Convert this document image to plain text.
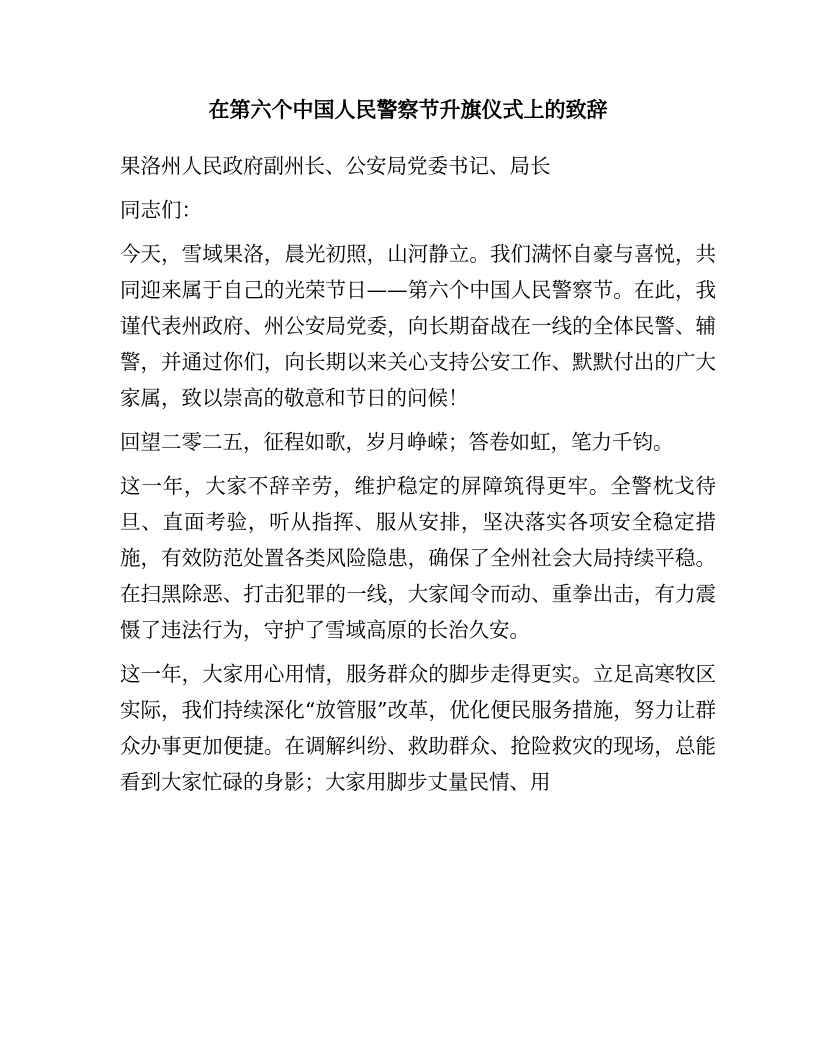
在第六个中国人民警察节升旗仪式上的致辞

果洛州人民政府副州长、公安局党委书记、局长

同志们：

今天，雪域果洛，晨光初照，山河静立。我们满怀自豪与喜悦，共同迎来属于自己的光荣节日——第六个中国人民警察节。在此，我谨代表州政府、州公安局党委，向长期奋战在一线的全体民警、辅警，并通过你们，向长期以来关心支持公安工作、默默付出的广大家属，致以崇高的敬意和节日的问候！

回望二零二五，征程如歌，岁月峥嵘；答卷如虹，笔力千钧。

这一年，大家不辞辛劳，维护稳定的屏障筑得更牢。全警枕戈待旦、直面考验，听从指挥、服从安排，坚决落实各项安全稳定措施，有效防范处置各类风险隐患，确保了全州社会大局持续平稳。在扫黑除恶、打击犯罪的一线，大家闻令而动、重拳出击，有力震慑了违法行为，守护了雪域高原的长治久安。

这一年，大家用心用情，服务群众的脚步走得更实。立足高寒牧区实际，我们持续深化“放管服”改革，优化便民服务措施，努力让群众办事更加便捷。在调解纠纷、救助群众、抢险救灾的现场，总能看到大家忙碌的身影；大家用脚步丈量民情、用
